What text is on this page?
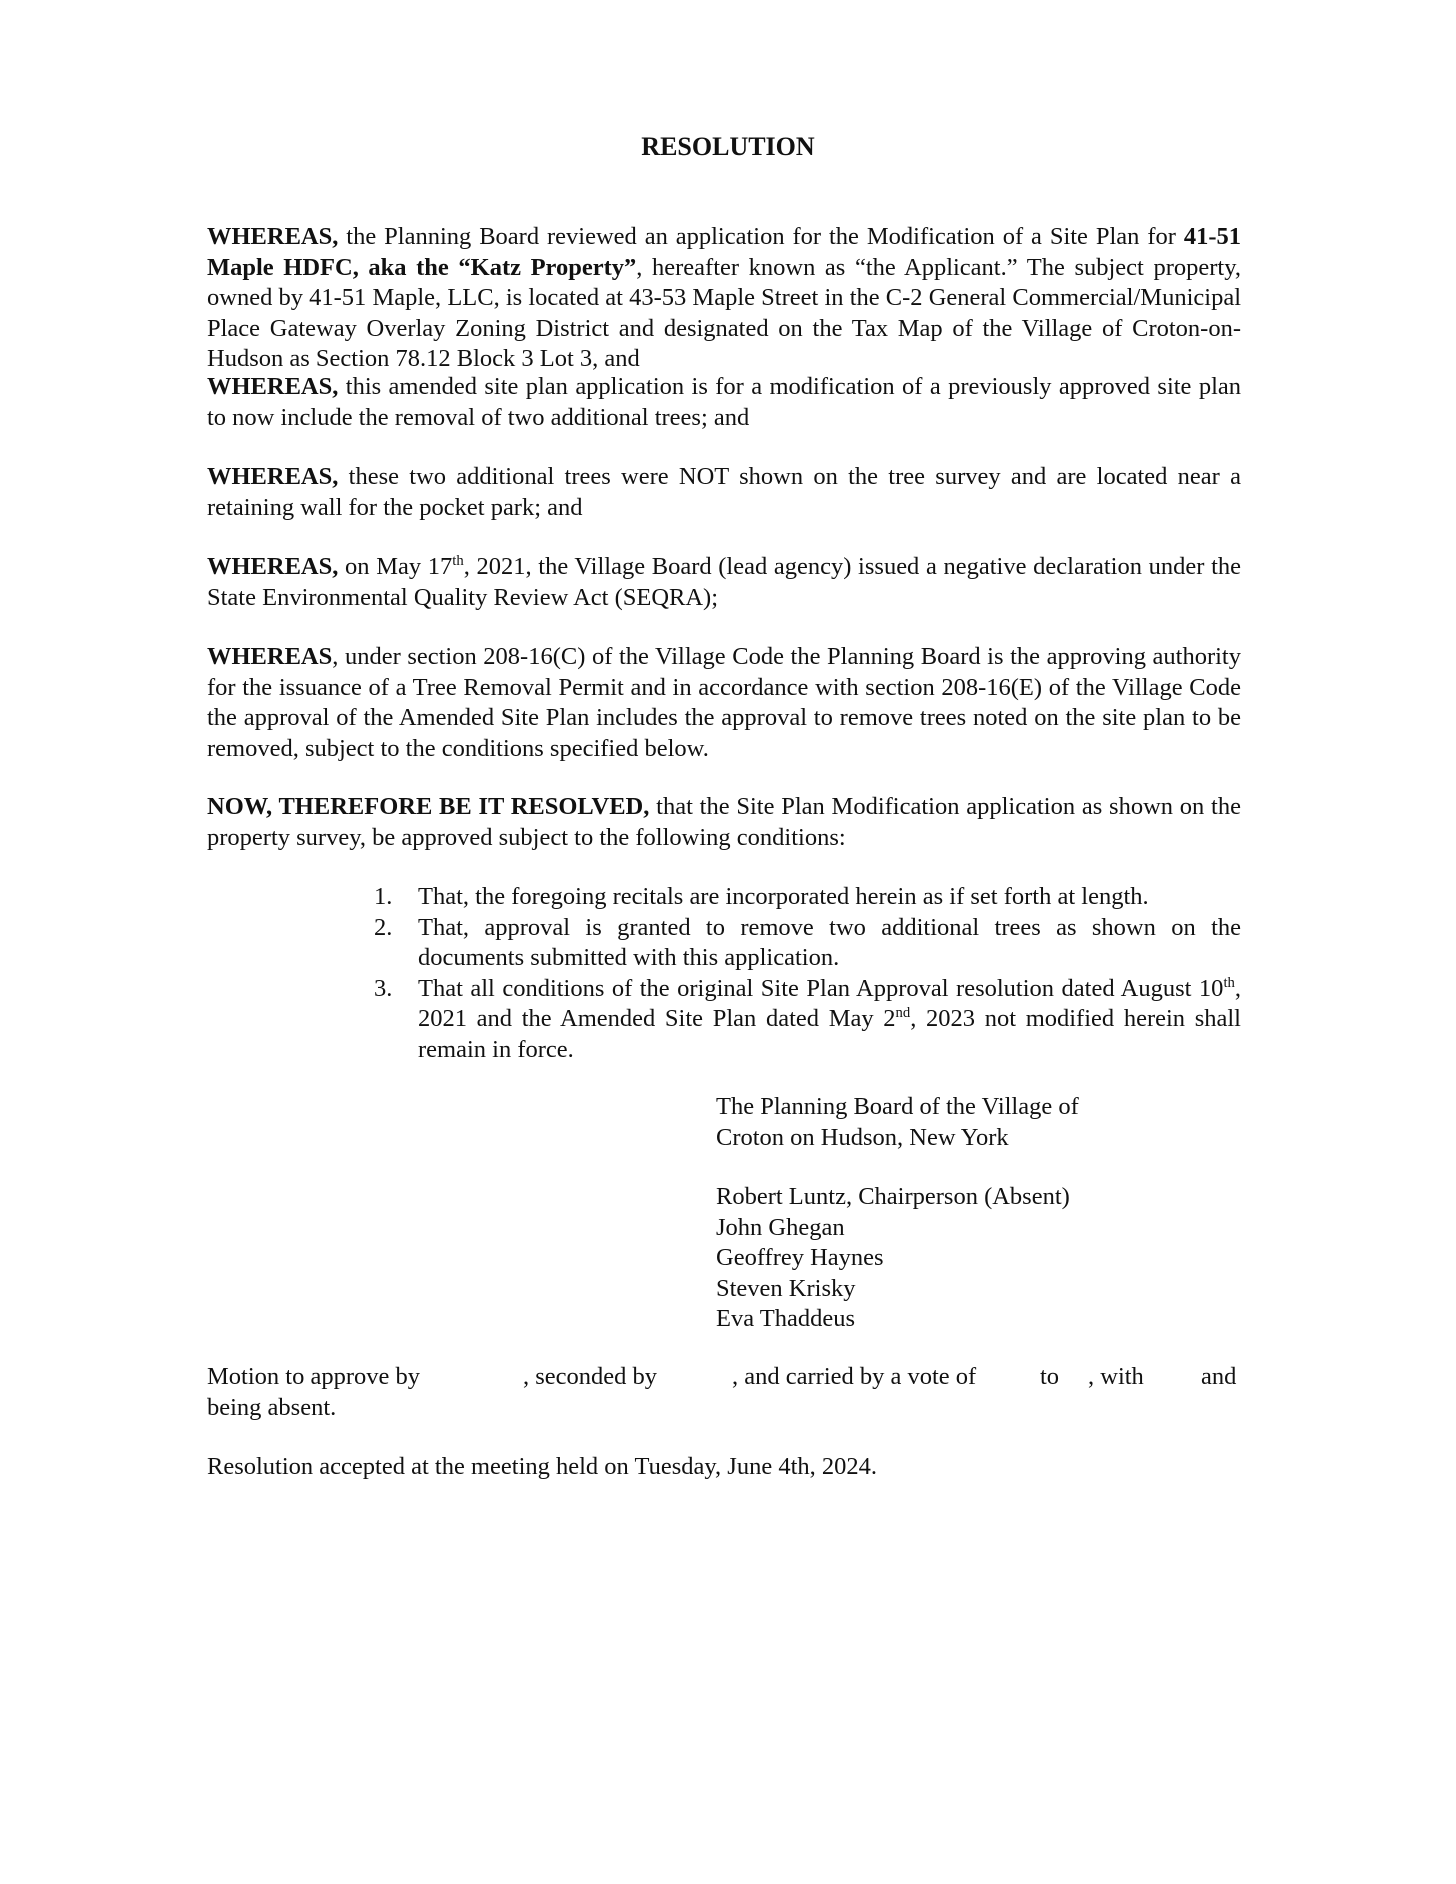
RESOLUTION
WHEREAS, the Planning Board reviewed an application for the Modification of a Site Plan for 41-51 Maple HDFC, aka the “Katz Property”, hereafter known as “the Applicant.” The subject property, owned by 41-51 Maple, LLC, is located at 43-53 Maple Street in the C-2 General Commercial/Municipal Place Gateway Overlay Zoning District and designated on the Tax Map of the Village of Croton-on-Hudson as Section 78.12 Block 3 Lot 3, and
WHEREAS, this amended site plan application is for a modification of a previously approved site plan to now include the removal of two additional trees; and
WHEREAS, these two additional trees were NOT shown on the tree survey and are located near a retaining wall for the pocket park; and
WHEREAS, on May 17th, 2021, the Village Board (lead agency) issued a negative declaration under the State Environmental Quality Review Act (SEQRA);
WHEREAS, under section 208-16(C) of the Village Code the Planning Board is the approving authority for the issuance of a Tree Removal Permit and in accordance with section 208-16(E) of the Village Code the approval of the Amended Site Plan includes the approval to remove trees noted on the site plan to be removed, subject to the conditions specified below.
NOW, THEREFORE BE IT RESOLVED, that the Site Plan Modification application as shown on the property survey, be approved subject to the following conditions:
1. That, the foregoing recitals are incorporated herein as if set forth at length.
2. That, approval is granted to remove two additional trees as shown on the documents submitted with this application.
3. That all conditions of the original Site Plan Approval resolution dated August 10th, 2021 and the Amended Site Plan dated May 2nd, 2023 not modified herein shall remain in force.
The Planning Board of the Village of
Croton on Hudson, New York
Robert Luntz, Chairperson (Absent)
John Ghegan
Geoffrey Haynes
Steven Krisky
Eva Thaddeus
Motion to approve by	, seconded by	, and carried by a vote of	to , with and
being absent.
Resolution accepted at the meeting held on Tuesday, June 4th, 2024.
